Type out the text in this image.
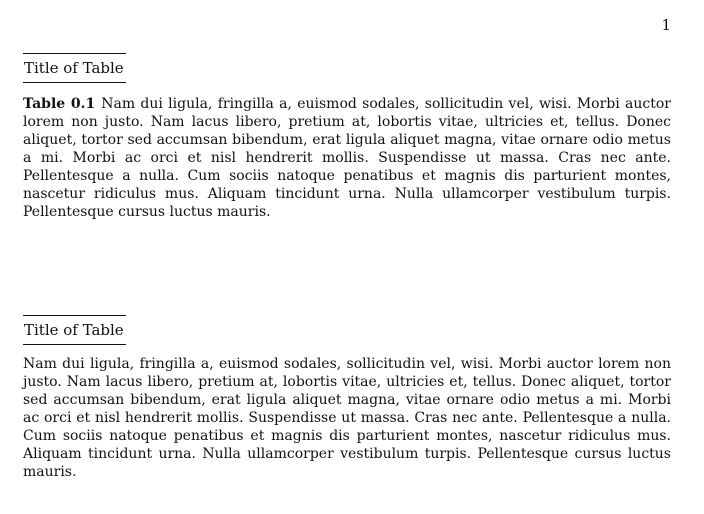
1
Title of Table

Table 0.1 Nam dui ligula, fringilla a, euismod sodales, sollicitudin vel, wisi. Morbi auctor lorem non justo. Nam lacus libero, pretium at, lobortis vitae, ultricies et, tellus. Donec aliquet, tortor sed accumsan bibendum, erat ligula aliquet magna, vitae ornare odio metus a mi. Morbi ac orci et nisl hendrerit mollis. Suspendisse ut massa. Cras nec ante. Pellentesque a nulla. Cum sociis natoque penatibus et magnis dis parturient montes, nascetur ridiculus mus. Aliquam tincidunt urna. Nulla ullamcorper vestibulum turpis. Pellentesque cursus luctus mauris.

Title of Table

Nam dui ligula, fringilla a, euismod sodales, sollicitudin vel, wisi. Morbi auctor lorem non justo. Nam lacus libero, pretium at, lobortis vitae, ultricies et, tellus. Donec aliquet, tortor sed accumsan bibendum, erat ligula aliquet magna, vitae ornare odio metus a mi. Morbi ac orci et nisl hendrerit mollis. Suspendisse ut massa. Cras nec ante. Pellentesque a nulla. Cum sociis natoque penatibus et magnis dis parturient montes, nascetur ridiculus mus. Aliquam tincidunt urna. Nulla ullamcorper vestibulum turpis. Pellentesque cursus luctus mauris.
